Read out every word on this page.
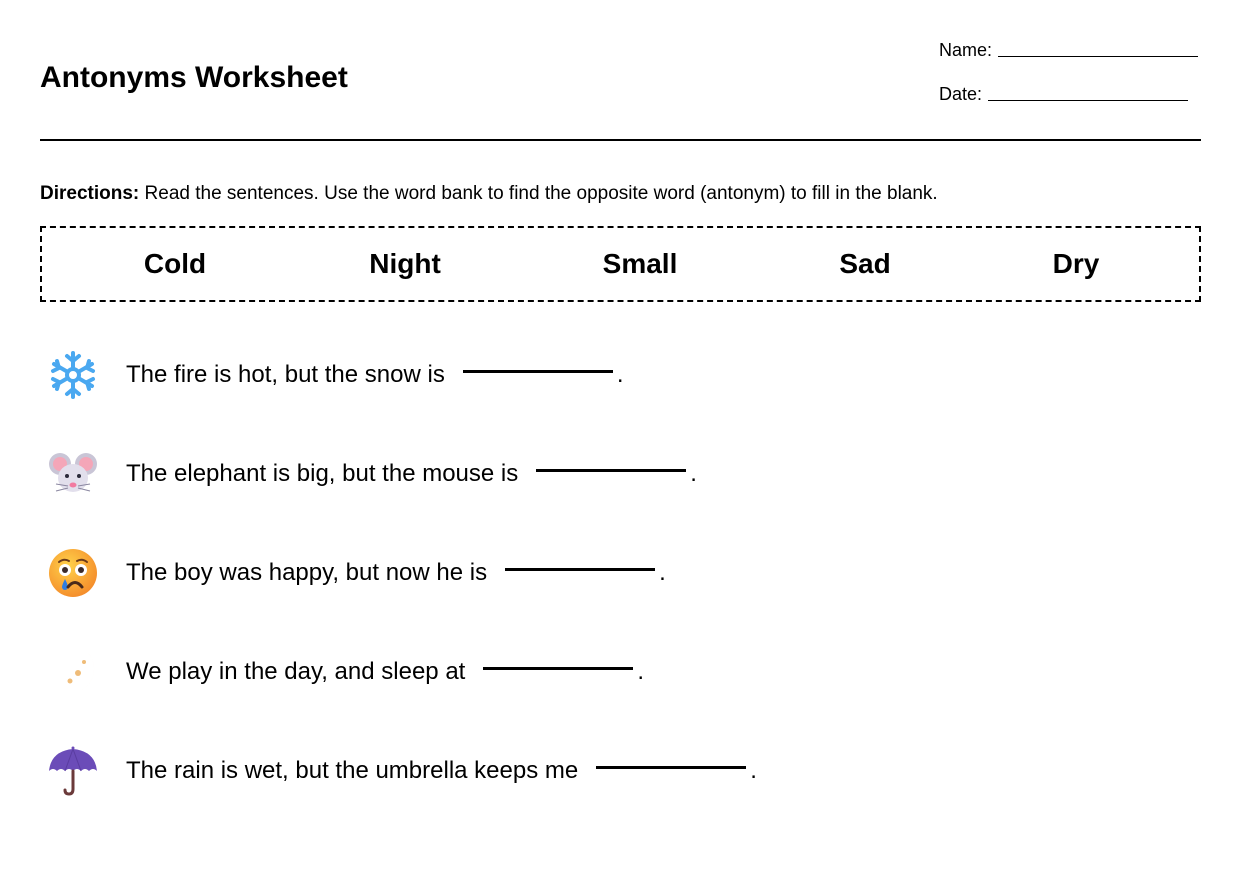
Antonyms Worksheet
Name:
Date:
Directions: Read the sentences. Use the word bank to find the opposite word (antonym) to fill in the blank.
Cold	Night	Small	Sad	Dry
The fire is hot, but the snow is	.
The elephant is big, but the mouse is	.
The boy was happy, but now he is	.
We play in the day, and sleep at	.
The rain is wet, but the umbrella keeps me	.
